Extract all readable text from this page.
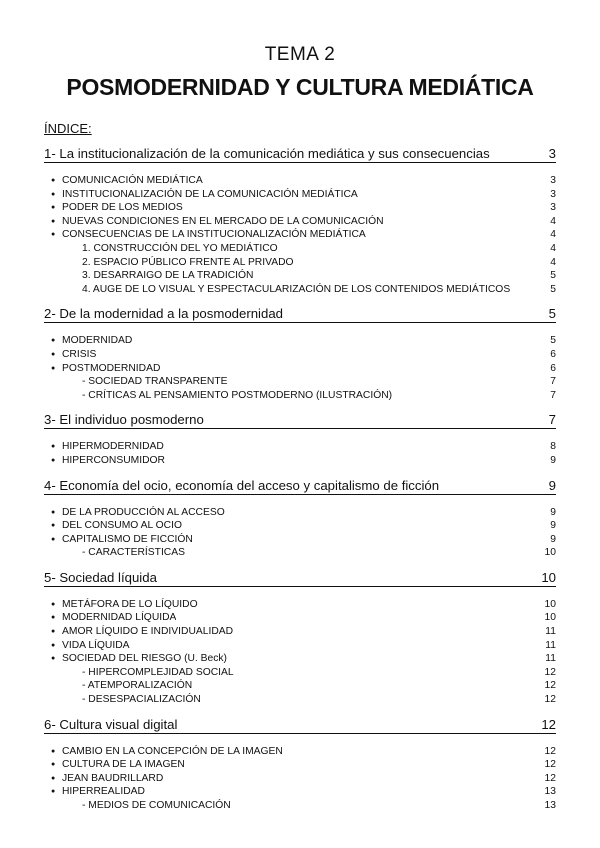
TEMA 2
POSMODERNIDAD Y CULTURA MEDIÁTICA
ÍNDICE:
1- La institucionalización de la comunicación mediática y sus consecuencias	3
● COMUNICACIÓN MEDIÁTICA	3
● INSTITUCIONALIZACIÓN DE LA COMUNICACIÓN MEDIÁTICA	3
● PODER DE LOS MEDIOS	3
● NUEVAS CONDICIONES EN EL MERCADO DE LA COMUNICACIÓN	4
● CONSECUENCIAS DE LA INSTITUCIONALIZACIÓN MEDIÁTICA	4
1. CONSTRUCCIÓN DEL YO MEDIÁTICO	4
2. ESPACIO PÚBLICO FRENTE AL PRIVADO	4
3. DESARRAIGO DE LA TRADICIÓN	5
4. AUGE DE LO VISUAL Y ESPECTACULARIZACIÓN DE LOS CONTENIDOS MEDIÁTICOS	5
2- De la modernidad a la posmodernidad	5
● MODERNIDAD	5
● CRISIS	6
● POSTMODERNIDAD	6
- SOCIEDAD TRANSPARENTE	7
- CRÍTICAS AL PENSAMIENTO POSTMODERNO (ILUSTRACIÓN)	7
3- El individuo posmoderno	7
● HIPERMODERNIDAD	8
● HIPERCONSUMIDOR	9
4- Economía del ocio, economía del acceso y capitalismo de ficción	9
● DE LA PRODUCCIÓN AL ACCESO	9
● DEL CONSUMO AL OCIO	9
● CAPITALISMO DE FICCIÓN	9
- CARACTERÍSTICAS	10
5- Sociedad líquida	10
● METÁFORA DE LO LÍQUIDO	10
● MODERNIDAD LÍQUIDA	10
● AMOR LÍQUIDO E INDIVIDUALIDAD	11
● VIDA LÍQUIDA	11
● SOCIEDAD DEL RIESGO (U. Beck)	11
- HIPERCOMPLEJIDAD SOCIAL	12
- ATEMPORALIZACIÓN	12
- DESESPACIALIZACIÓN	12
6- Cultura visual digital	12
● CAMBIO EN LA CONCEPCIÓN DE LA IMAGEN	12
● CULTURA DE LA IMAGEN	12
● JEAN BAUDRILLARD	12
● HIPERREALIDAD	13
- MEDIOS DE COMUNICACIÓN	13
